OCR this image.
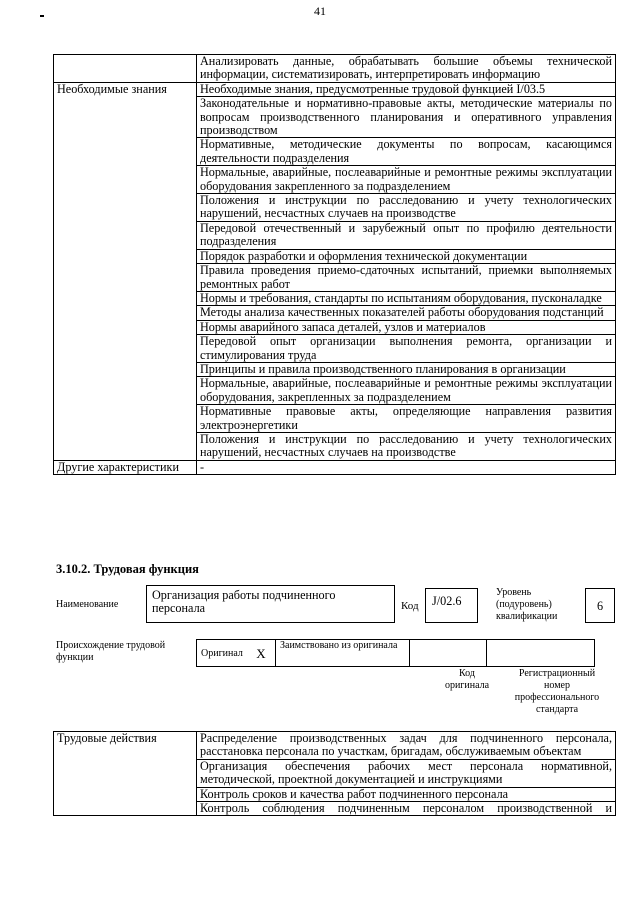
41
	Анализировать данные, обрабатывать большие объемы технической информации, систематизировать, интерпретировать информацию
Необходимые знания	Необходимые знания, предусмотренные трудовой функцией I/03.5
	Законодательные и нормативно-правовые акты, методические материалы по вопросам производственного планирования и оперативного управления производством
	Нормативные, методические документы по вопросам, касающимся деятельности подразделения
	Нормальные, аварийные, послеаварийные и ремонтные режимы эксплуатации оборудования закрепленного за подразделением
	Положения и инструкции по расследованию и учету технологических нарушений, несчастных случаев на производстве
	Передовой отечественный и зарубежный опыт по профилю деятельности подразделения
	Порядок разработки и оформления технической документации
	Правила проведения приемо-сдаточных испытаний, приемки выполняемых ремонтных работ
	Нормы и требования, стандарты по испытаниям оборудования, пусконаладке
	Методы анализа качественных показателей работы оборудования подстанций
	Нормы аварийного запаса деталей, узлов и материалов
	Передовой опыт организации выполнения ремонта, организации и стимулирования труда
	Принципы и правила производственного планирования в организации
	Нормальные, аварийные, послеаварийные и ремонтные режимы эксплуатации оборудования, закрепленных за подразделением
	Нормативные правовые акты, определяющие направления развития электроэнергетики
	Положения и инструкции по расследованию и учету технологических нарушений, несчастных случаев на производстве
Другие характеристики	-
3.10.2. Трудовая функция
Наименование
Организация работы подчиненного персонала	Код	J/02.6
Уровень (подуровень) квалификации
6
Происхождение трудовой функции	Оригинал	X	Заимствовано из оригинала		
Код оригинала
Регистрационный номер профессионального стандарта
Трудовые действия	Распределение производственных задач для подчиненного персонала, расстановка персонала по участкам, бригадам, обслуживаемым объектам
Организация обеспечения рабочих мест персонала нормативной, методической, проектной документацией и инструкциями
Контроль сроков и качества работ подчиненного персонала
Контроль соблюдения подчиненным персоналом производственной и
